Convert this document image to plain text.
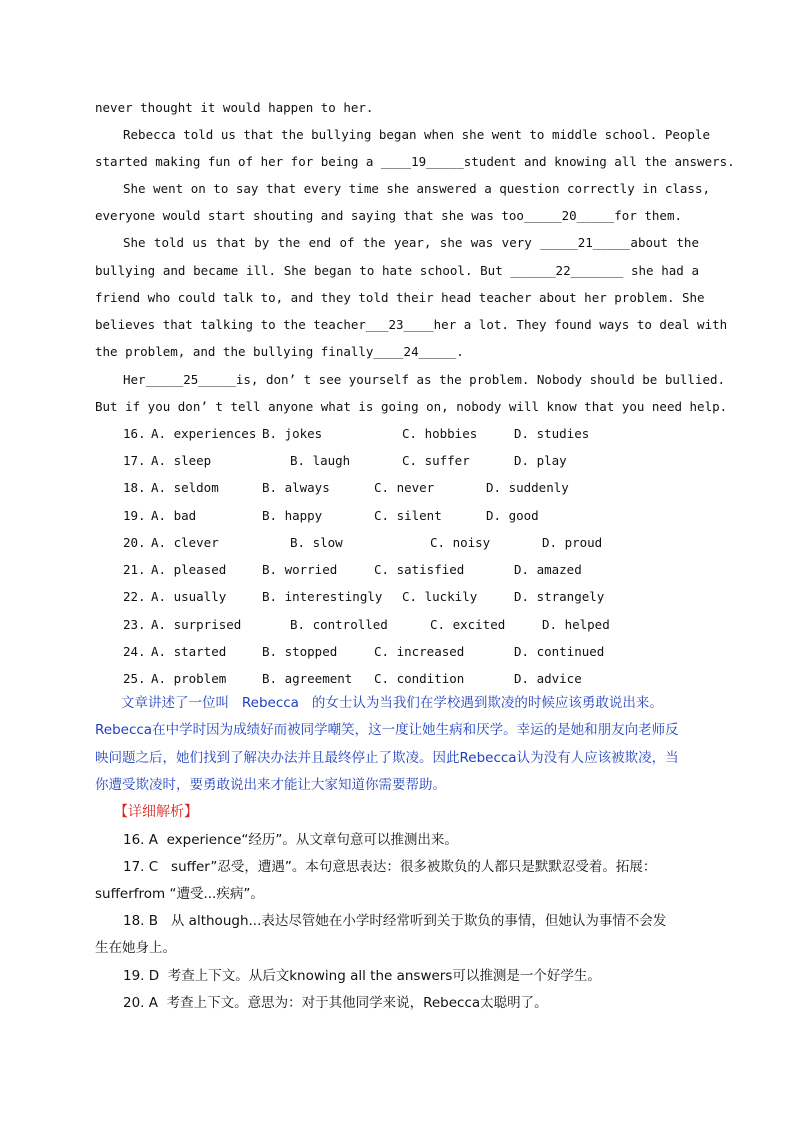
never thought it would happen to her.
Rebecca told us that the bullying began when she went to middle school. People
started making fun of her for being a ____19_____student and knowing all the answers.
She went on to say that every time she answered a question correctly in class,
everyone would start shouting and saying that she was too_____20_____for them.
She told us that by the end of the year, she was very _____21_____about the
bullying and became ill. She began to hate school. But ______22_______ she had a
friend who could talk to, and they told their head teacher about her problem. She
believes that talking to the teacher___23____her a lot. They found ways to deal with
the problem, and the bullying finally____24_____.
Her_____25_____is, don’ t see yourself as the problem. Nobody should be bullied.
But if you don’ t tell anyone what is going on, nobody will know that you need help.
16. A. experiences B. jokes	C. hobbies	D. studies
17. A. sleep	B. laugh	C. suffer	D. play
18. A. seldom	B. always	C. never	D. suddenly
19. A. bad	B. happy	C. silent	D. good
20. A. clever	B. slow	C. noisy	D. proud
21. A. pleased	B. worried	C. satisfied	D. amazed
22. A. usually	B. interestingly C. luckily	D. strangely
23. A. surprised	B. controlled	C. excited	D. helped
24. A. started	B. stopped	C. increased	D. continued
25. A. problem	B. agreement C. condition	D. advice
文章讲述了一位叫   Rebecca   的女士认为当我们在学校遇到欺凌的时候应该勇敢说出来。
Rebecca在中学时因为成绩好而被同学嘲笑，这一度让她生病和厌学。幸运的是她和朋友向老师反
映问题之后，她们找到了解决办法并且最终停止了欺凌。因此Rebecca认为没有人应该被欺凌，当
你遭受欺凌时，要勇敢说出来才能让大家知道你需要帮助。
【详细解析】
16. A  experience“经历”。从文章句意可以推测出来。
17. C   suffer”忍受，遭遇”。本句意思表达：很多被欺负的人都只是默默忍受着。拓展：
sufferfrom “遭受...疾病”。
18. B   从 although...表达尽管她在小学时经常听到关于欺负的事情，但她认为事情不会发
生在她身上。
19. D  考查上下文。从后文knowing all the answers可以推测是一个好学生。
20. A  考查上下文。意思为：对于其他同学来说，Rebecca太聪明了。
